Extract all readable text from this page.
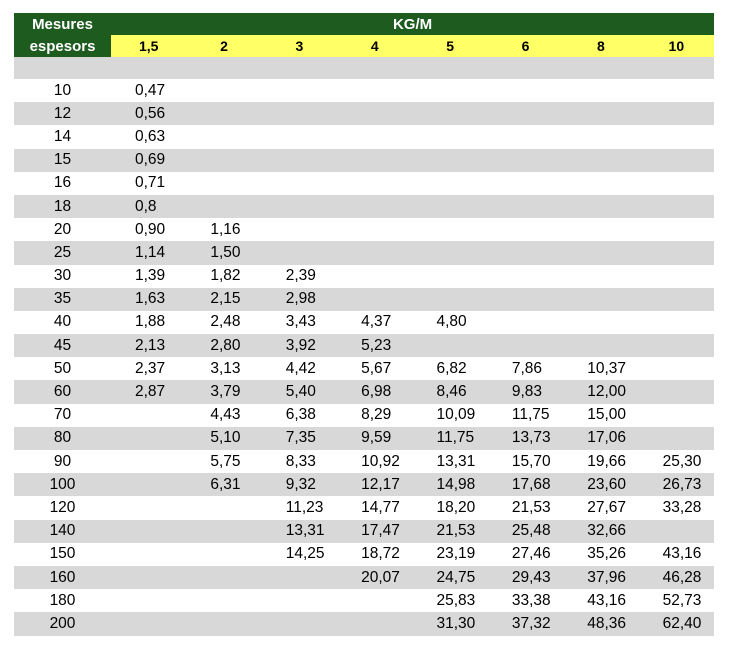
Mesures	KG/M							
espesors	1,5	2	3	4	5	6	8	10

10	0,47							
12	0,56							
14	0,63							
15	0,69							
16	0,71							
18	0,8							
20	0,90	1,16						
25	1,14	1,50						
30	1,39	1,82	2,39					
35	1,63	2,15	2,98					
40	1,88	2,48	3,43	4,37	4,80			
45	2,13	2,80	3,92	5,23				
50	2,37	3,13	4,42	5,67	6,82	7,86	10,37	
60	2,87	3,79	5,40	6,98	8,46	9,83	12,00	
70		4,43	6,38	8,29	10,09	11,75	15,00	
80		5,10	7,35	9,59	11,75	13,73	17,06	
90		5,75	8,33	10,92	13,31	15,70	19,66	25,30
100		6,31	9,32	12,17	14,98	17,68	23,60	26,73
120			11,23	14,77	18,20	21,53	27,67	33,28
140			13,31	17,47	21,53	25,48	32,66	
150			14,25	18,72	23,19	27,46	35,26	43,16
160				20,07	24,75	29,43	37,96	46,28
180					25,83	33,38	43,16	52,73
200					31,30	37,32	48,36	62,40
